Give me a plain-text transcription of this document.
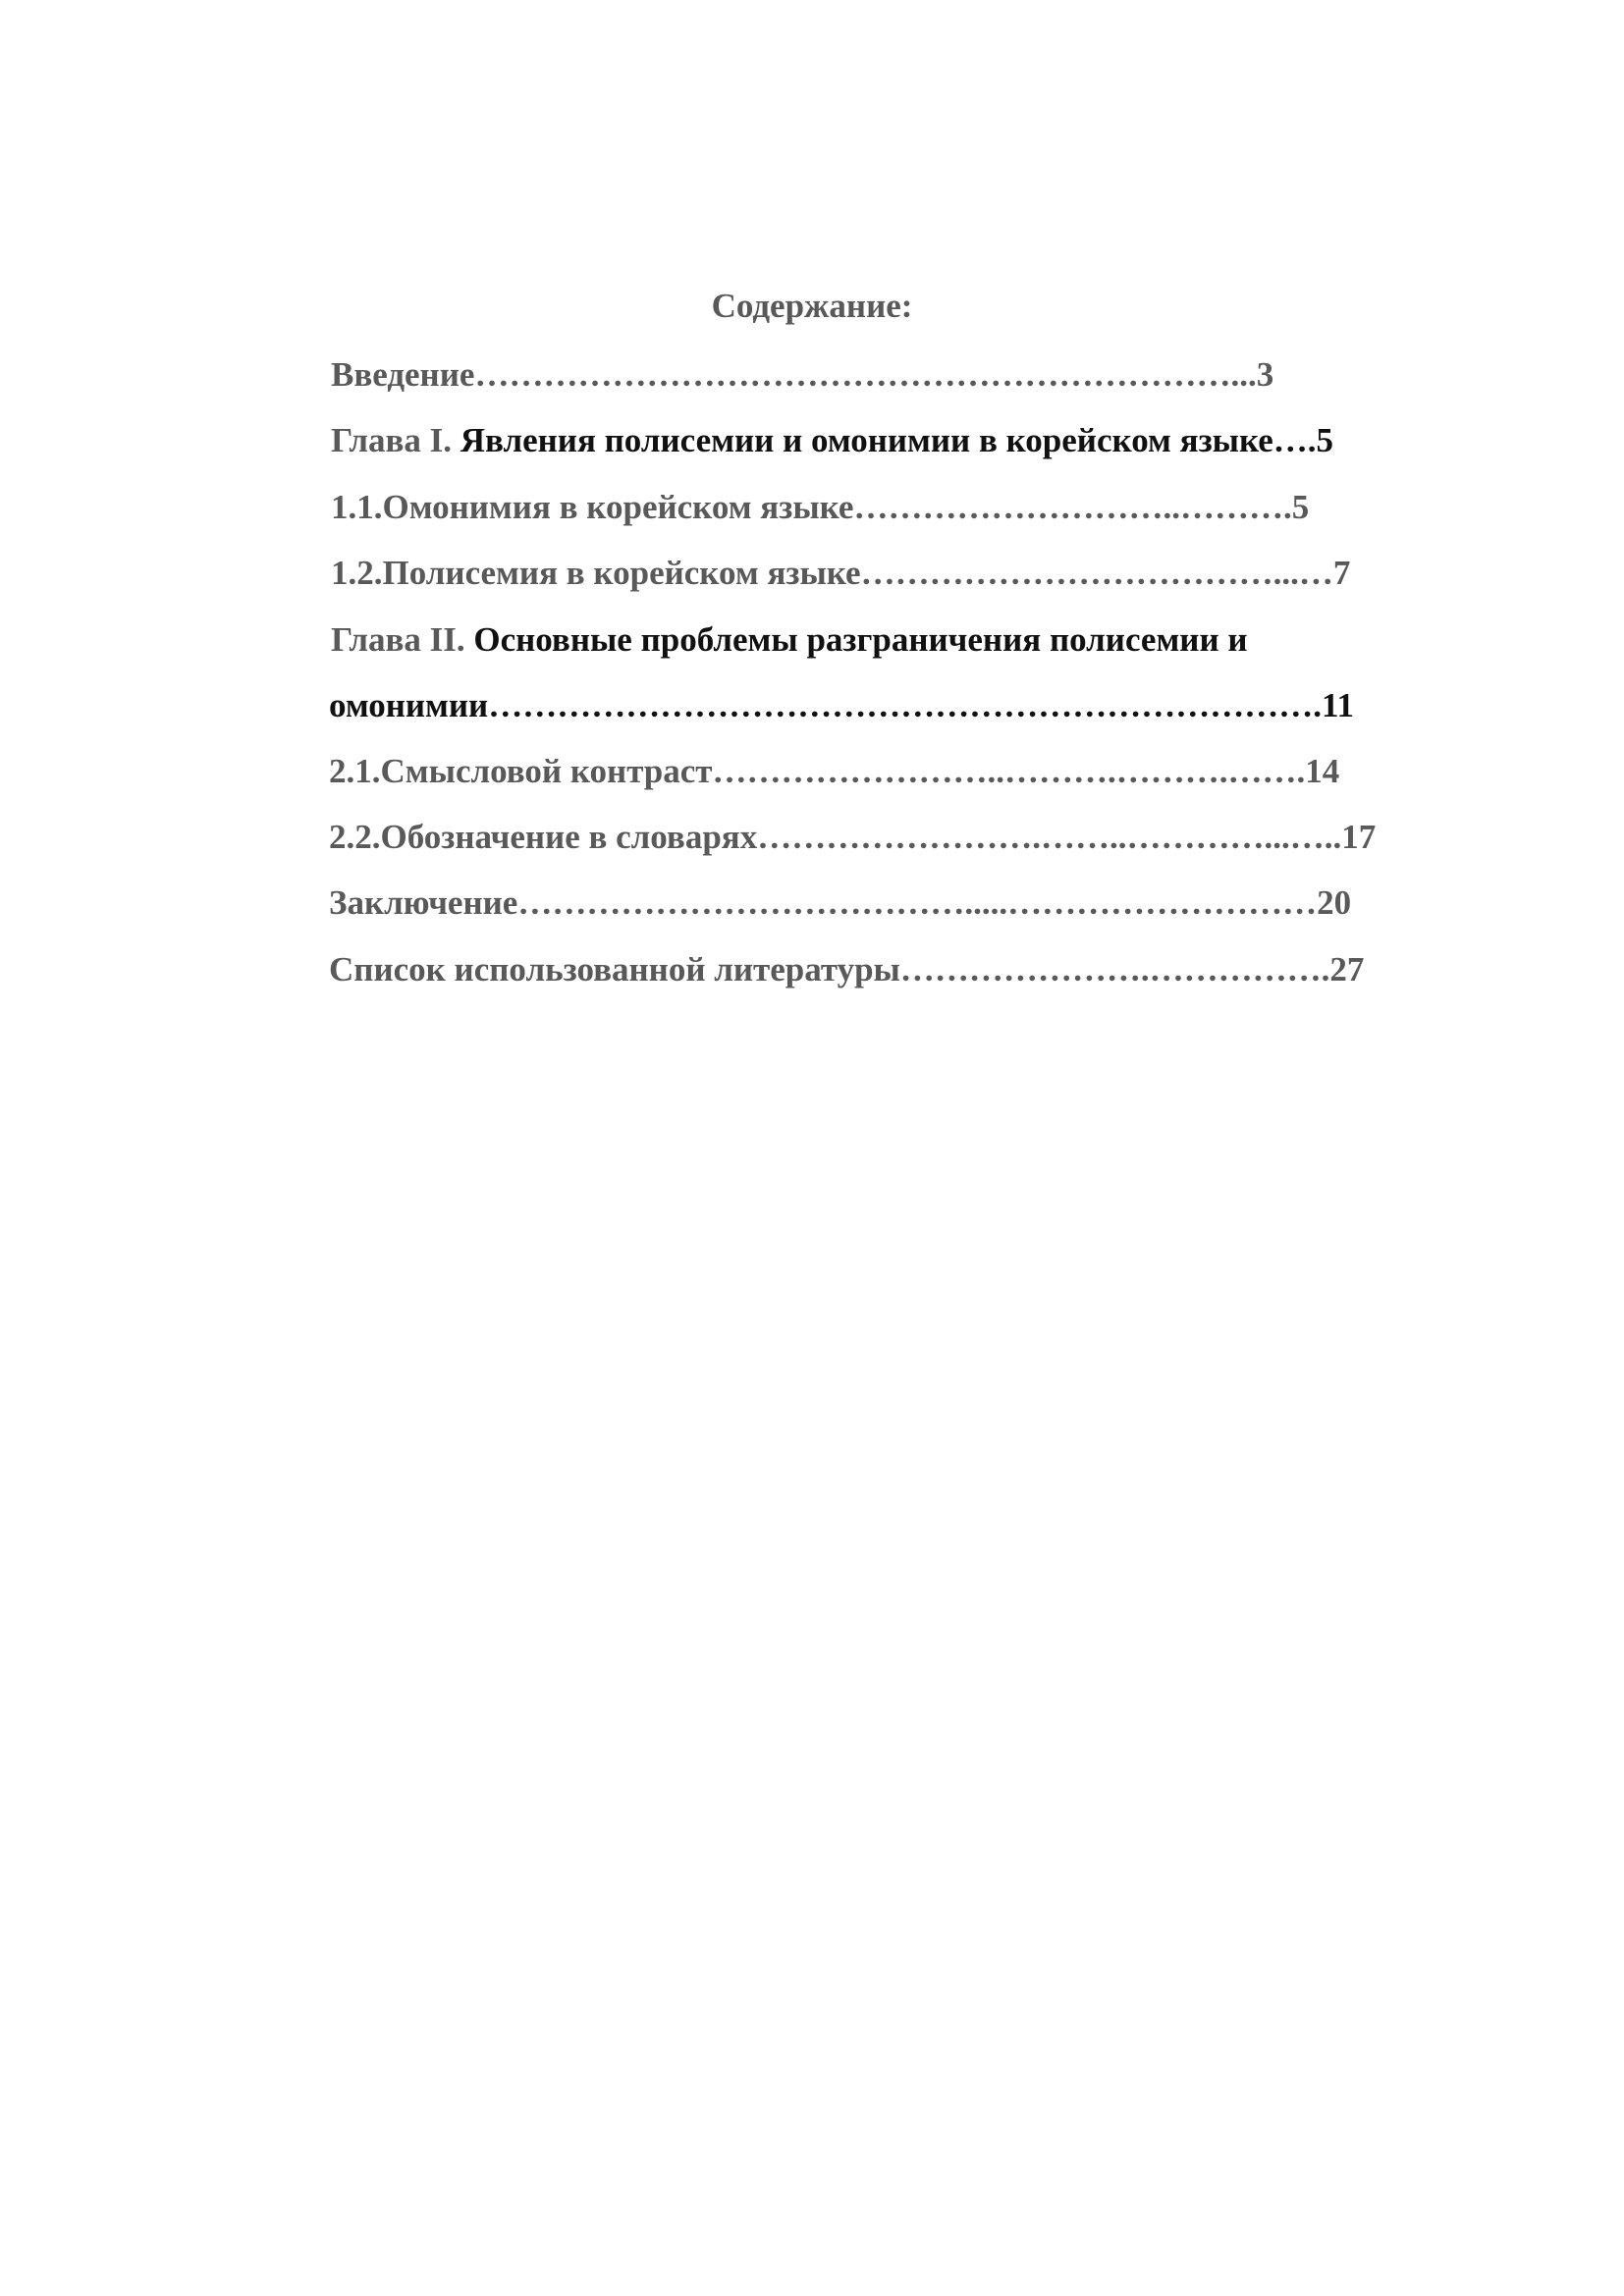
Содержание:
Введение…………………………………………………………...3
Глава I. Явления полисемии и омонимии в корейском языке….5
1.1.Омонимия в корейском языке………………………..……….5
1.2.Полисемия в корейском языке………………………………...…7
Глава II. Основные проблемы разграничения полисемии и
омонимии……………………………………………………………….11
2.1.Смысловой контраст……………………..……….……….…….14
2.2.Обозначение в словарях…………………….……..…………...…..17
Заключение………………………………….....………………………20
Список использованной литературы………………….…………….27
